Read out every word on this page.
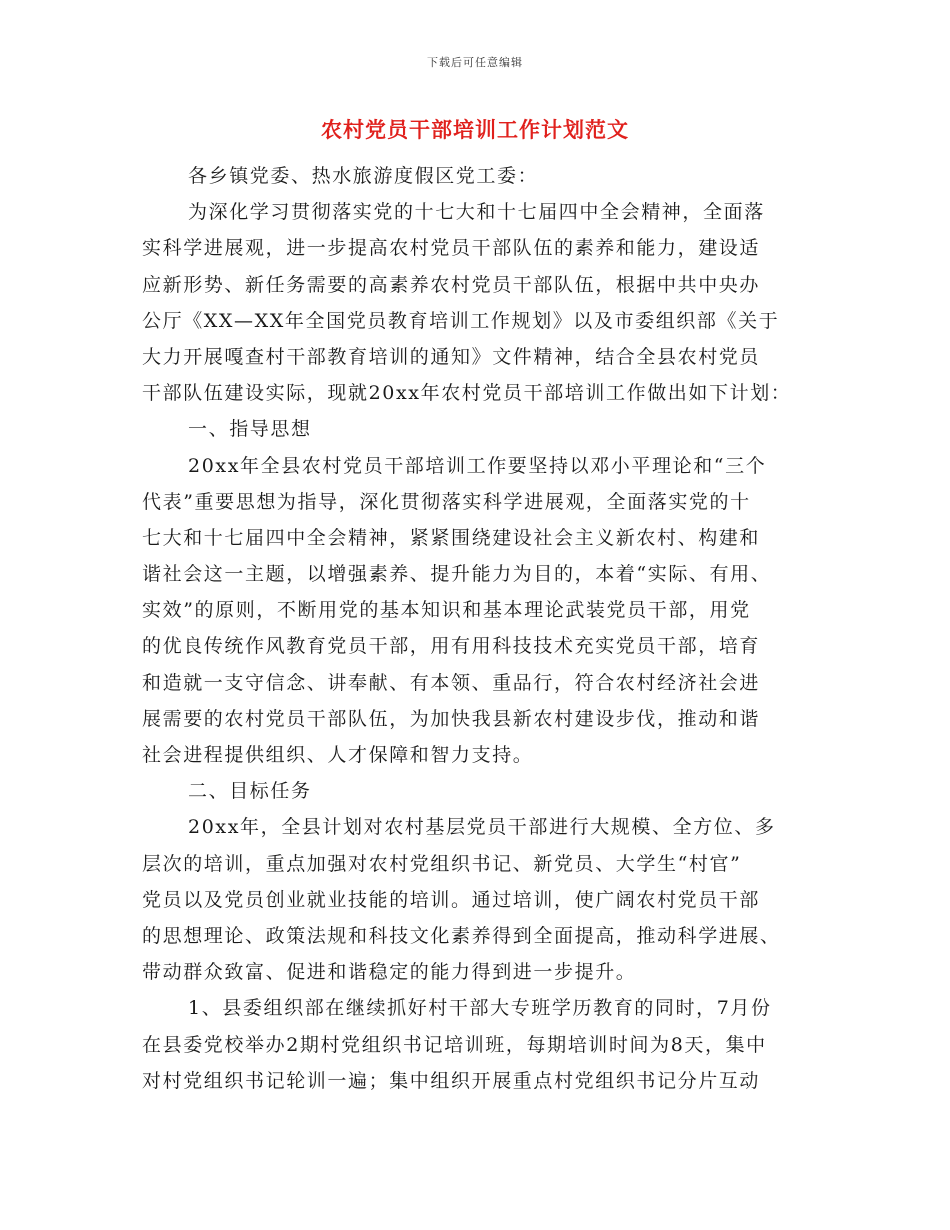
下载后可任意编辑
农村党员干部培训工作计划范文
各乡镇党委、热水旅游度假区党工委：
为深化学习贯彻落实党的十七大和十七届四中全会精神，全面落
实科学进展观，进一步提高农村党员干部队伍的素养和能力，建设适
应新形势、新任务需要的高素养农村党员干部队伍，根据中共中央办
公厅《XX—XX年全国党员教育培训工作规划》以及市委组织部《关于
大力开展嘎查村干部教育培训的通知》文件精神，结合全县农村党员
干部队伍建设实际，现就20xx年农村党员干部培训工作做出如下计划：
一、指导思想
20xx年全县农村党员干部培训工作要坚持以邓小平理论和“三个
代表”重要思想为指导，深化贯彻落实科学进展观，全面落实党的十
七大和十七届四中全会精神，紧紧围绕建设社会主义新农村、构建和
谐社会这一主题，以增强素养、提升能力为目的，本着“实际、有用、
实效”的原则，不断用党的基本知识和基本理论武装党员干部，用党
的优良传统作风教育党员干部，用有用科技技术充实党员干部，培育
和造就一支守信念、讲奉献、有本领、重品行，符合农村经济社会进
展需要的农村党员干部队伍，为加快我县新农村建设步伐，推动和谐
社会进程提供组织、人才保障和智力支持。
二、目标任务
20xx年，全县计划对农村基层党员干部进行大规模、全方位、多
层次的培训，重点加强对农村党组织书记、新党员、大学生“村官”
党员以及党员创业就业技能的培训。通过培训，使广阔农村党员干部
的思想理论、政策法规和科技文化素养得到全面提高，推动科学进展、
带动群众致富、促进和谐稳定的能力得到进一步提升。
1、县委组织部在继续抓好村干部大专班学历教育的同时，7月份
在县委党校举办2期村党组织书记培训班，每期培训时间为8天，集中
对村党组织书记轮训一遍；集中组织开展重点村党组织书记分片互动
